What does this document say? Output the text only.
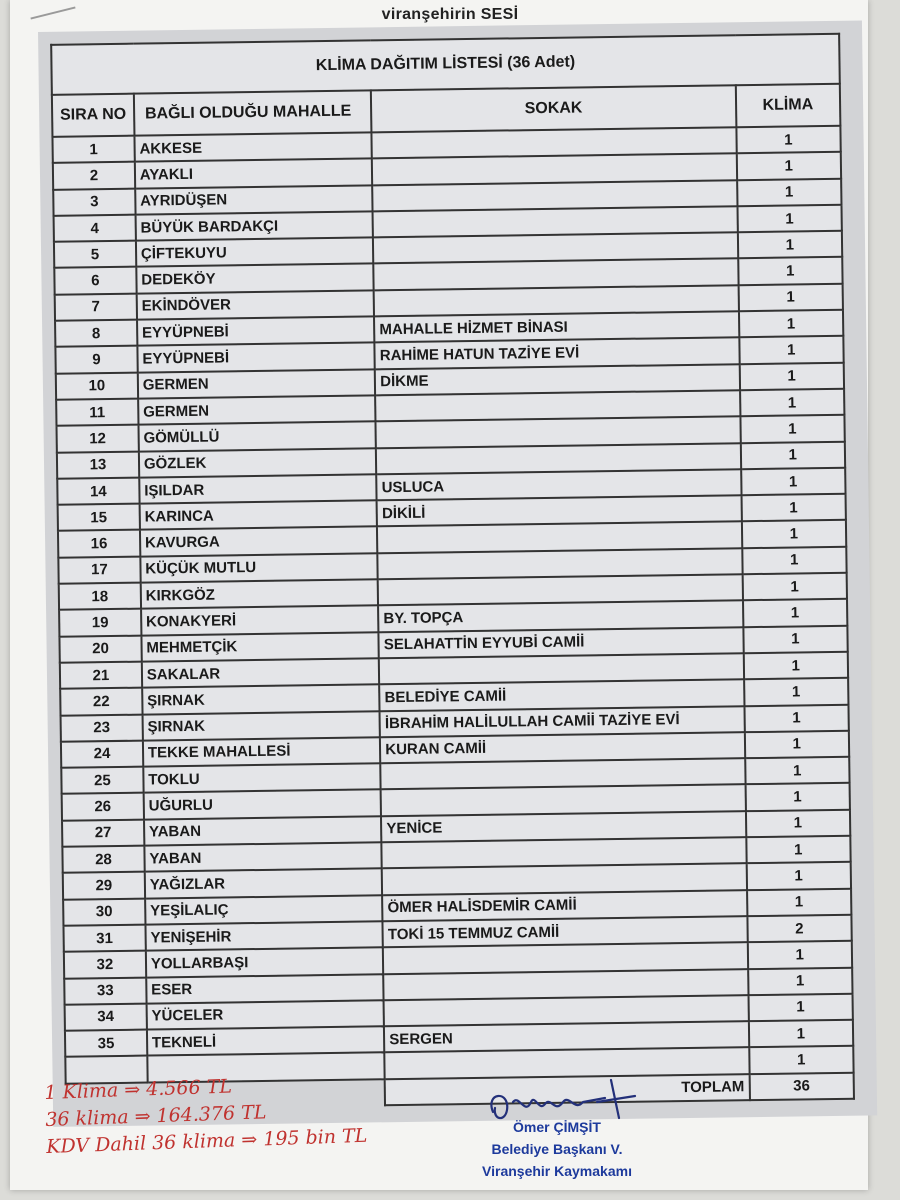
viranşehirin SESİ
KLİMA DAĞITIM LİSTESİ (36 Adet)			
SIRA NO	BAĞLI OLDUĞU MAHALLE	SOKAK	KLİMA
1	AKKESE		1
2	AYAKLI		1
3	AYRIDÜŞEN		1
4	BÜYÜK BARDAKÇI		1
5	ÇİFTEKUYU		1
6	DEDEKÖY		1
7	EKİNDÖVER		1
8	EYYÜPNEBİ	MAHALLE HİZMET BİNASI	1
9	EYYÜPNEBİ	RAHİME HATUN TAZİYE EVİ	1
10	GERMEN	DİKME	1
11	GERMEN		1
12	GÖMÜLLÜ		1
13	GÖZLEK		1
14	IŞILDAR	USLUCA	1
15	KARINCA	DİKİLİ	1
16	KAVURGA		1
17	KÜÇÜK MUTLU		1
18	KIRKGÖZ		1
19	KONAKYERİ	BY. TOPÇA	1
20	MEHMETÇİK	SELAHATTİN EYYUBİ CAMİİ	1
21	SAKALAR		1
22	ŞIRNAK	BELEDİYE CAMİİ	1
23	ŞIRNAK	İBRAHİM HALİLULLAH CAMİİ TAZİYE EVİ	1
24	TEKKE MAHALLESİ	KURAN CAMİİ	1
25	TOKLU		1
26	UĞURLU		1
27	YABAN	YENİCE	1
28	YABAN		1
29	YAĞIZLAR		1
30	YEŞİLALIÇ	ÖMER HALİSDEMİR CAMİİ	1
31	YENİŞEHİR	TOKİ 15 TEMMUZ CAMİİ	2
32	YOLLARBAŞI		1
33	ESER		1
34	YÜCELER		1
35	TEKNELİ	SERGEN	1
			1
		TOPLAM	36
1 Klima ⇒ 4.566 TL
36 klima ⇒ 164.376 TL
KDV Dahil 36 klima ⇒ 195 bin TL	Ömer ÇİMŞİT
Belediye Başkanı V.
Viranşehir Kaymakamı
